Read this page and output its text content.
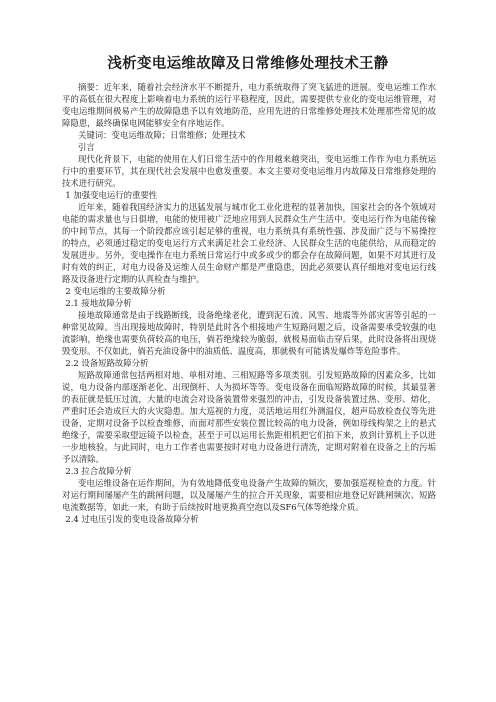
浅析变电运维故障及日常维修处理技术王静

摘要：近年来，随着社会经济水平不断提升，电力系统取得了突飞猛进的进展。变电运维工作水平的高低在很大程度上影响着电力系统的运行平稳程度，因此，需要提供专业化的变电运维管理，对变电运维期间极易产生的故障隐患予以有效地防范，应用先进的日常维修处理技术处理那些常见的故障隐患，最终确保电网能够安全有序地运作。

关键词：变电运维故障；日常维修；处理技术

引言

现代化背景下，电能的使用在人们日常生活中的作用越来越突出，变电运维工作作为电力系统运行中的重要环节，其在现代社会发展中也愈发重要。本文主要对变电运维月内故障及日常维修处理的技术进行研究。

1 加强变电运行的重要性

近年来，随着我国经济实力的迅猛发展与城市化工业化进程的显著加快，国家社会的各个领域对电能的需求量也与日俱增，电能的使用被广泛地应用到人民群众生产生活中。变电运行作为电能传输的中间节点，其每一个阶段都应该引起足够的重视，电力系统具有系统性强、涉及面广泛与不易操控的特点，必须通过稳定的变电运行方式来满足社会工业经济、人民群众生活的电能供给，从而稳定的发展进步。另外，变电操作在电力系统日常运行中或多或少的都会存在故障问题，如果不对其进行及时有效的纠正，对电力设备及运维人员生命财产都是严重隐患，因此必须要认真仔细地对变电运行线路及设备进行定期的认真检查与维护。

2 变电运维的主要故障分析

2.1 接地故障分析

接地故障通常是由于线路断线，设备绝缘老化，遭到泥石流、风雪、地震等外部灾害等引起的一种常见故障。当出现接地故障时，特别是此时各个相接地产生短路问题之后，设备需要承受较强的电流影响，绝缘也需要负荷较高的电压，倘若绝缘较为脆弱，就极易面临击穿后果，此时设备将出现烧毁变形。不仅如此，倘若充油设备中的油质低、温度高，那就极有可能诱发爆炸等危险事件。

2.2 设备短路故障分析

短路故障通常包括两相对地、单相对地、三相短路等多项类别。引发短路故障的因素众多，比如说，电力设备内部逐渐老化、出现倒杆、人为损坏等等。变电设备在面临短路故障的时候，其最显著的表征就是低压过流，大量的电流会对设备装置带来强烈的冲击，引发设备装置过热、变形、熔化，严重时还会造成巨大的火灾隐患。加大巡视的力度，灵活地运用红外测温仪，超声局放检查仪等先进设备，定期对设备予以检查维修，而面对那些安装位置比较高的电力设备，例如母线构架之上的悬式绝缘子，需要采取望远镜予以检查，甚至于可以运用长焦距相机把它们拍下来，放到计算机上予以进一步地核验。与此同时，电力工作者也需要按时对电力设备进行清洗，定期对附着在设备之上的污垢予以清除。

2.3 拉合故障分析

变电运维设备在运作期间，为有效地降低变电设备产生故障的频次，要加强巡视检查的力度。针对运行期间屡屡产生的跳闸问题，以及屡屡产生的拉合开关现象，需要相应地登记好跳闸频次、短路电流数据等，如此一来，有助于后续按时地更换真空泡以及SF6气体等绝缘介质。

2.4 过电压引发的变电设备故障分析
